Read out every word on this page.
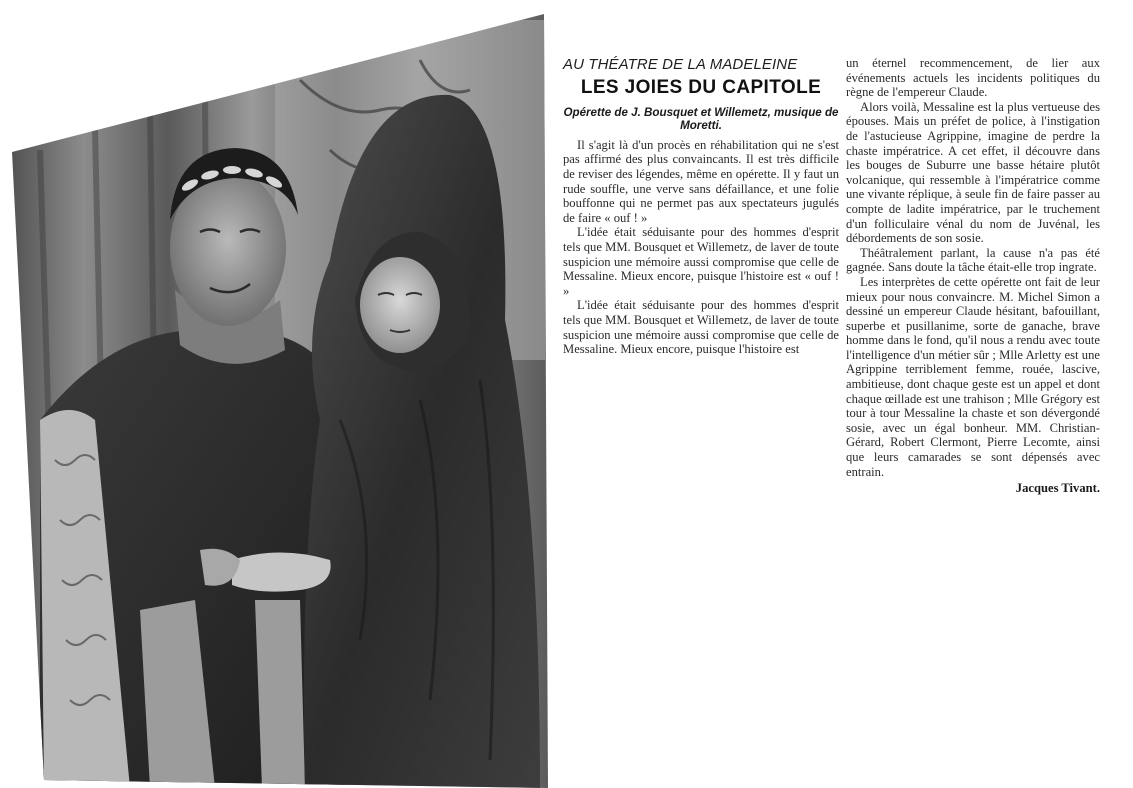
AU THÉATRE DE LA MADELEINE

LES JOIES DU CAPITOLE

Opérette de J. Bousquet et Willemetz, musique de Moretti.

Il s'agit là d'un procès en réhabilitation qui ne s'est pas affirmé des plus convaincants. Il est très difficile de reviser des légendes, même en opérette. Il y faut un rude souffle, une verve sans défaillance, et une folie bouffonne qui ne permet pas aux spectateurs jugulés de faire « ouf ! »

L'idée était séduisante pour des hommes d'esprit tels que MM. Bousquet et Willemetz, de laver de toute suspicion une mémoire aussi compromise que celle de Messaline. Mieux encore, puisque l'histoire est « ouf ! »

L'idée était séduisante pour des hommes d'esprit tels que MM. Bousquet et Willemetz, de laver de toute suspicion une mémoire aussi compromise que celle de Messaline. Mieux encore, puisque l'histoire est

un éternel recommencement, de lier aux événements actuels les incidents politiques du règne de l'empereur Claude.

Alors voilà, Messaline est la plus vertueuse des épouses. Mais un préfet de police, à l'instigation de l'astucieuse Agrippine, imagine de perdre la chaste impératrice. A cet effet, il découvre dans les bouges de Suburre une basse hétaire plutôt volcanique, qui ressemble à l'impératrice comme une vivante réplique, à seule fin de faire passer au compte de ladite impératrice, par le truchement d'un folliculaire vénal du nom de Juvénal, les débordements de son sosie.

Théâtralement parlant, la cause n'a pas été gagnée. Sans doute la tâche était-elle trop ingrate.

Les interprètes de cette opérette ont fait de leur mieux pour nous convaincre. M. Michel Simon a dessiné un empereur Claude hésitant, bafouillant, superbe et pusillanime, sorte de ganache, brave homme dans le fond, qu'il nous a rendu avec toute l'intelligence d'un métier sûr ; Mlle Arletty est une Agrippine terriblement femme, rouée, lascive, ambitieuse, dont chaque geste est un appel et dont chaque œillade est une trahison ; Mlle Grégory est tour à tour Messaline la chaste et son dévergondé sosie, avec un égal bonheur. MM. Christian-Gérard, Robert Clermont, Pierre Lecomte, ainsi que leurs camarades se sont dépensés avec entrain.

Jacques Tivant.
